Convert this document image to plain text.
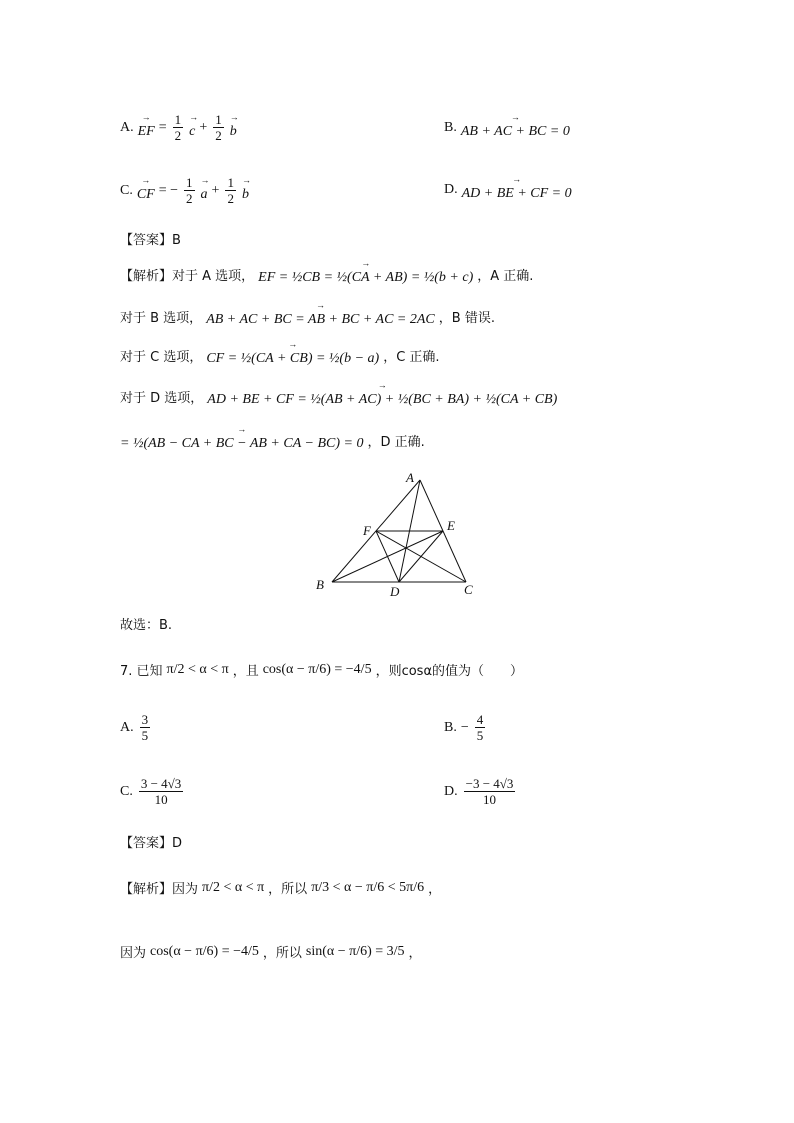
A.
→ EF = $\frac{1}{2}$
→ $c + \frac{1}{2}$
→ b	B.
→ AB + AC + BC = 0
C.
→ CF = − $\frac{1}{2}$
→ $a + \frac{1}{2}$
→ b	D.
→ AD + BE + CF = 0
【答案】B
【解析】对于 A 选项，
→ EF = ½CB = ½(CA + AB) = ½(b + c) ，A 正确.
对于 B 选项，
→ AB + AC + BC = AB + BC + AC = 2AC ，B 错误.
对于 C 选项，
→ CF = ½(CA + CB) = ½(b − a) ，C 正确.
对于 D 选项，
→ AD + BE + CF = ½(AB + AC) + ½(BC + BA) + ½(CA + CB)
→ = ½(AB − CA + BC − AB + CA − BC) = 0 ，D 正确.
A
B	C
D
E
F
故选：B.
7. 已知 π/2 < α < π ，且 cos(α − π/6) = −4/5 ，则cosα的值为（　　）
A. $\frac{3}{5}$	B. − $\frac{4}{5}$
C. $\frac{3 - 4√3}{10}$	D. $\frac{-3 - 4√3}{10}$
【答案】D
【解析】因为 π/2 < α < π ，所以 π/3 < α − π/6 < 5π/6 ，
因为 cos(α − π/6) = −4/5 ，所以 sin(α − π/6) = 3/5 ，
